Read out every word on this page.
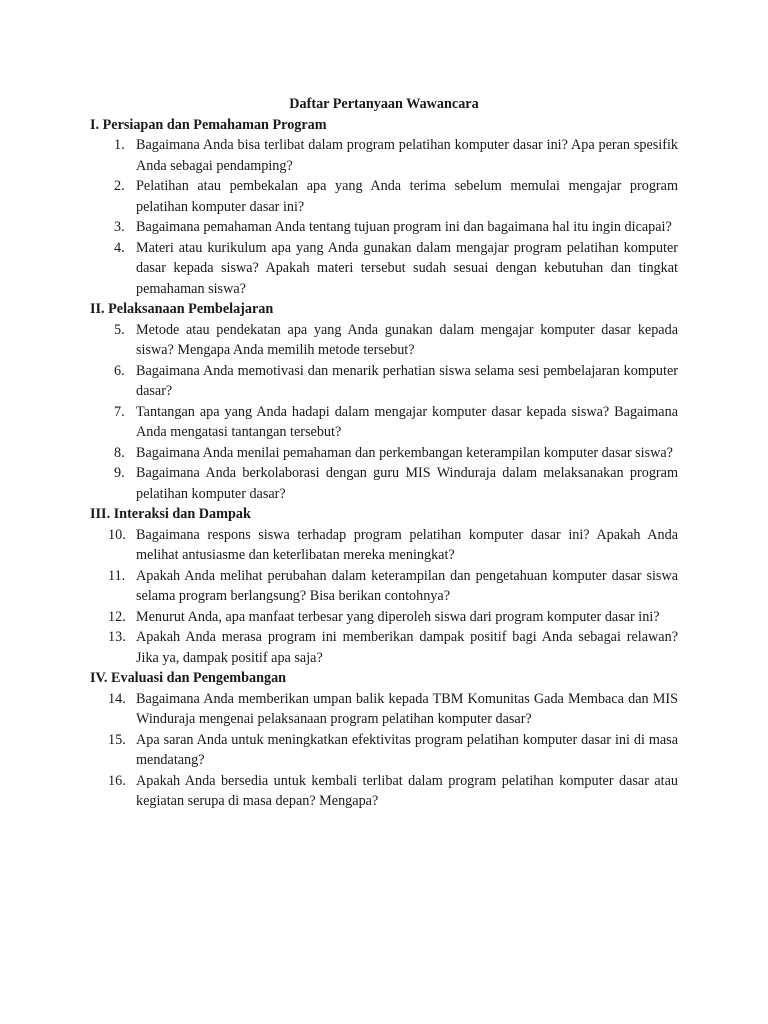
Daftar Pertanyaan Wawancara

I. Persiapan dan Pemahaman Program

1. Bagaimana Anda bisa terlibat dalam program pelatihan komputer dasar ini? Apa peran spesifik Anda sebagai pendamping?
2. Pelatihan atau pembekalan apa yang Anda terima sebelum memulai mengajar program pelatihan komputer dasar ini?
3. Bagaimana pemahaman Anda tentang tujuan program ini dan bagaimana hal itu ingin dicapai?
4. Materi atau kurikulum apa yang Anda gunakan dalam mengajar program pelatihan komputer dasar kepada siswa? Apakah materi tersebut sudah sesuai dengan kebutuhan dan tingkat pemahaman siswa?

II. Pelaksanaan Pembelajaran

5. Metode atau pendekatan apa yang Anda gunakan dalam mengajar komputer dasar kepada siswa? Mengapa Anda memilih metode tersebut?
6. Bagaimana Anda memotivasi dan menarik perhatian siswa selama sesi pembelajaran komputer dasar?
7. Tantangan apa yang Anda hadapi dalam mengajar komputer dasar kepada siswa? Bagaimana Anda mengatasi tantangan tersebut?
8. Bagaimana Anda menilai pemahaman dan perkembangan keterampilan komputer dasar siswa?
9. Bagaimana Anda berkolaborasi dengan guru MIS Winduraja dalam melaksanakan program pelatihan komputer dasar?

III. Interaksi dan Dampak

10. Bagaimana respons siswa terhadap program pelatihan komputer dasar ini? Apakah Anda melihat antusiasme dan keterlibatan mereka meningkat?
11. Apakah Anda melihat perubahan dalam keterampilan dan pengetahuan komputer dasar siswa selama program berlangsung? Bisa berikan contohnya?
12. Menurut Anda, apa manfaat terbesar yang diperoleh siswa dari program komputer dasar ini?
13. Apakah Anda merasa program ini memberikan dampak positif bagi Anda sebagai relawan? Jika ya, dampak positif apa saja?

IV. Evaluasi dan Pengembangan

14. Bagaimana Anda memberikan umpan balik kepada TBM Komunitas Gada Membaca dan MIS Winduraja mengenai pelaksanaan program pelatihan komputer dasar?
15. Apa saran Anda untuk meningkatkan efektivitas program pelatihan komputer dasar ini di masa mendatang?
16. Apakah Anda bersedia untuk kembali terlibat dalam program pelatihan komputer dasar atau kegiatan serupa di masa depan? Mengapa?
